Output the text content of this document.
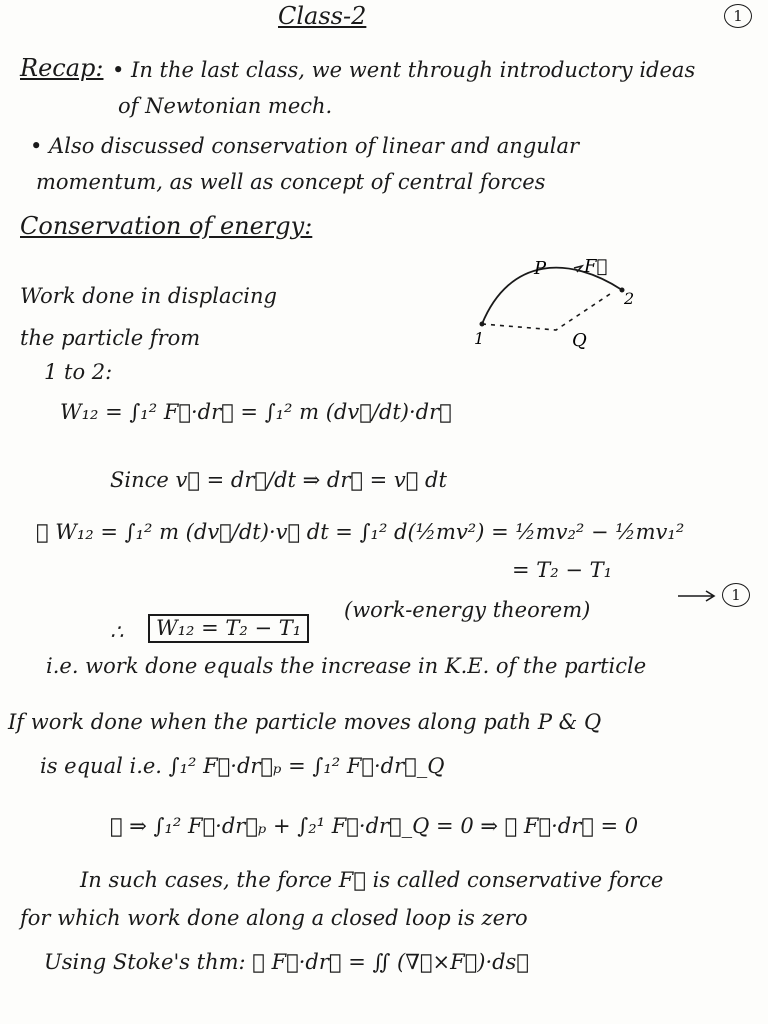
Class-2	1
Recap: • In the last class, we went through introductory ideas
of Newtonian mech.
• Also discussed conservation of linear and angular
momentum, as well as concept of central forces
Conservation of energy:
Work done in displacing
the particle from
1 to 2:
P F⃗
2
1	Q
W₁₂ = ∫₁² F⃗·dr⃗ = ∫₁² m (dv⃗/dt)·dr⃗
Since v⃗ = dr⃗/dt ⇒ dr⃗ = v⃗ dt
∴ W₁₂ = ∫₁² m (dv⃗/dt)·v⃗ dt = ∫₁² d(½mv²) = ½mv₂² − ½mv₁²
= T₂ − T₁
∴	W₁₂ = T₂ − T₁
(work-energy theorem)
1
i.e. work done equals the increase in K.E. of the particle
If work done when the particle moves along path P & Q
is equal i.e. ∫₁² F⃗·dr⃗ₚ = ∫₁² F⃗·dr⃗_Q
∴ ⇒ ∫₁² F⃗·dr⃗ₚ + ∫₂¹ F⃗·dr⃗_Q = 0 ⇒ ∮ F⃗·dr⃗ = 0
In such cases, the force F⃗ is called conservative force
for which work done along a closed loop is zero
Using Stoke's thm: ∮ F⃗·dr⃗ = ∬ (∇⃗×F⃗)·ds⃗
